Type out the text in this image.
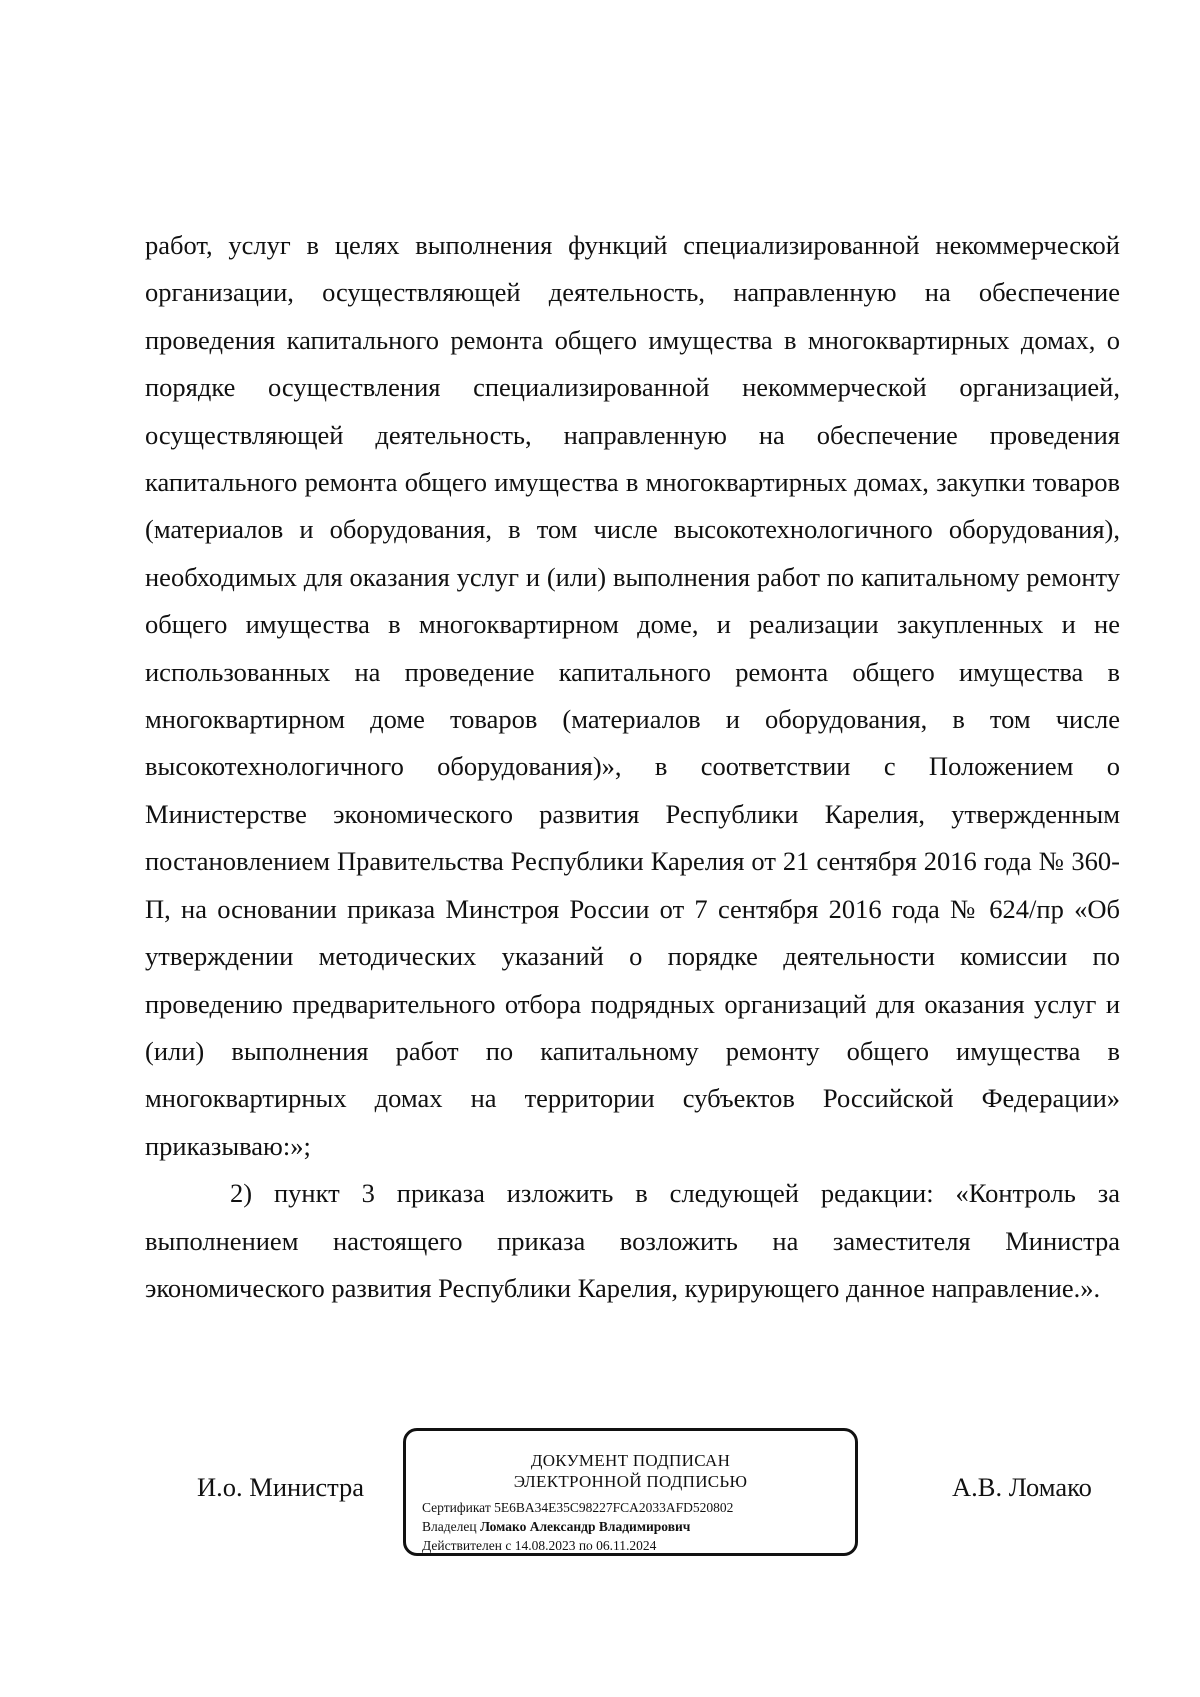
работ, услуг в целях выполнения функций специализированной некоммерческой организации, осуществляющей деятельность, направленную на обеспечение проведения капитального ремонта общего имущества в многоквартирных домах, о порядке осуществления специализированной некоммерческой организацией, осуществляющей деятельность, направленную на обеспечение проведения капитального ремонта общего имущества в многоквартирных домах, закупки товаров (материалов и оборудования, в том числе высокотехнологичного оборудования), необходимых для оказания услуг и (или) выполнения работ по капитальному ремонту общего имущества в многоквартирном доме, и реализации закупленных и не использованных на проведение капитального ремонта общего имущества в многоквартирном доме товаров (материалов и оборудования, в том числе высокотехнологичного оборудования)», в соответствии с Положением о Министерстве экономического развития Республики Карелия, утвержденным постановлением Правительства Республики Карелия от 21 сентября 2016 года № 360-П, на основании приказа Минстроя России от 7 сентября 2016 года № 624/пр «Об утверждении методических указаний о порядке деятельности комиссии по проведению предварительного отбора подрядных организаций для оказания услуг и (или) выполнения работ по капитальному ремонту общего имущества в многоквартирных домах на территории субъектов Российской Федерации» приказываю:»;

2) пункт 3 приказа изложить в следующей редакции: «Контроль за выполнением настоящего приказа возложить на заместителя Министра экономического развития Республики Карелия, курирующего данное направление.».

И.о. Министра
ДОКУМЕНТ ПОДПИСАН
ЭЛЕКТРОННОЙ ПОДПИСЬЮ
Сертификат 5E6BA34E35C98227FCA2033AFD520802
Владелец Ломако Александр Владимирович
Действителен с 14.08.2023 по 06.11.2024
А.В. Ломако
